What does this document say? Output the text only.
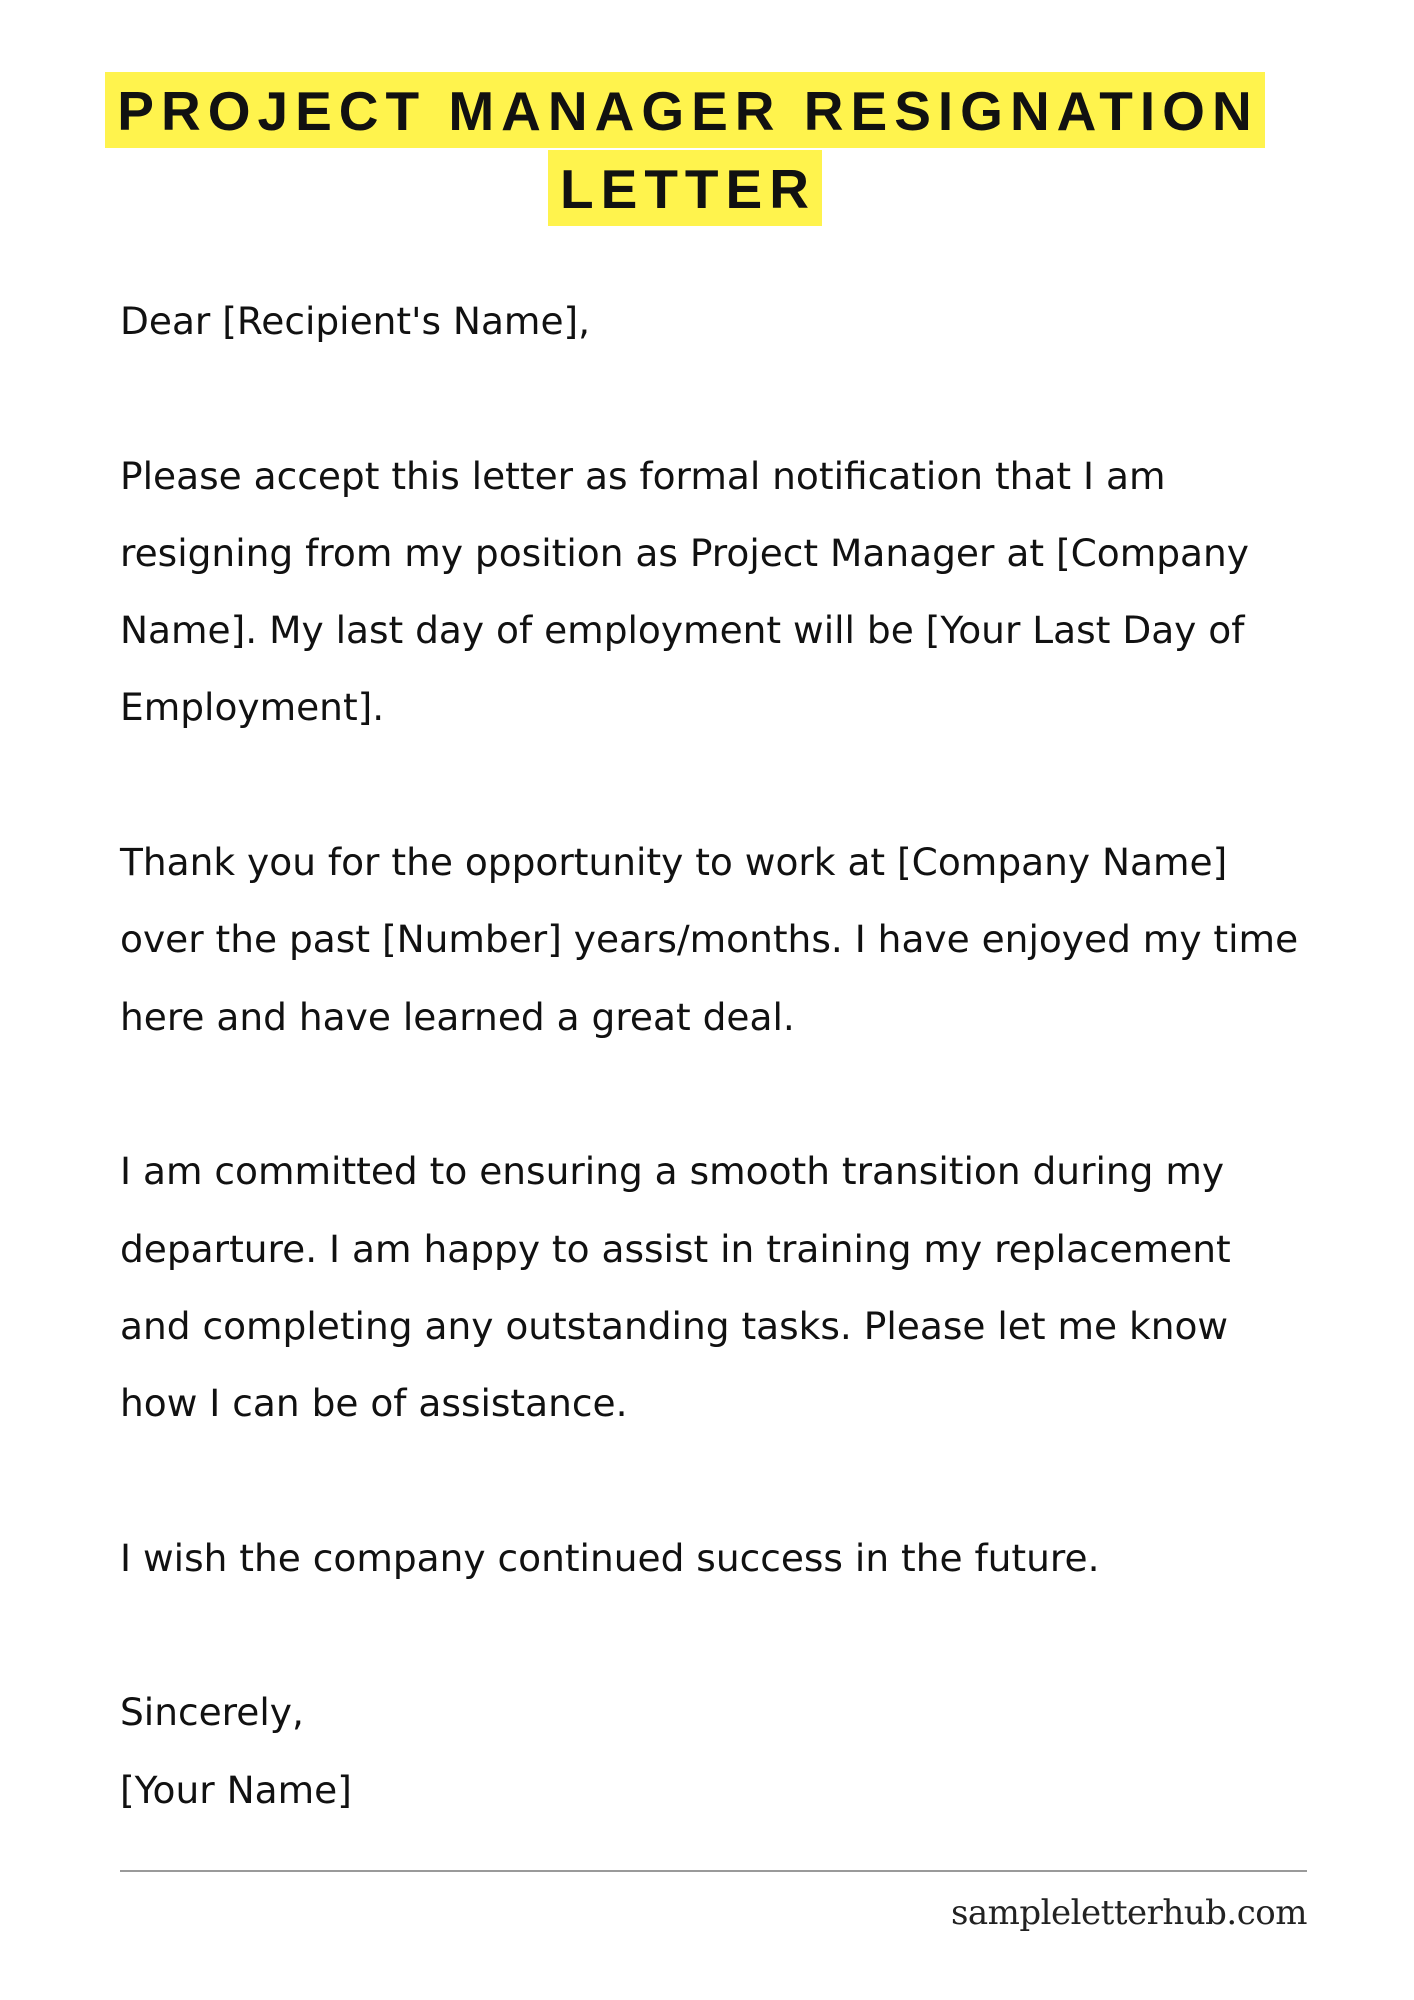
PROJECT MANAGER RESIGNATION
LETTER

Dear [Recipient's Name],

Please accept this letter as formal notification that I am resigning from my position as Project Manager at [Company Name]. My last day of employment will be [Your Last Day of Employment].

Thank you for the opportunity to work at [Company Name] over the past [Number] years/months. I have enjoyed my time here and have learned a great deal.

I am committed to ensuring a smooth transition during my departure. I am happy to assist in training my replacement and completing any outstanding tasks. Please let me know how I can be of assistance.

I wish the company continued success in the future.

Sincerely,

[Your Name]

sampleletterhub.com
